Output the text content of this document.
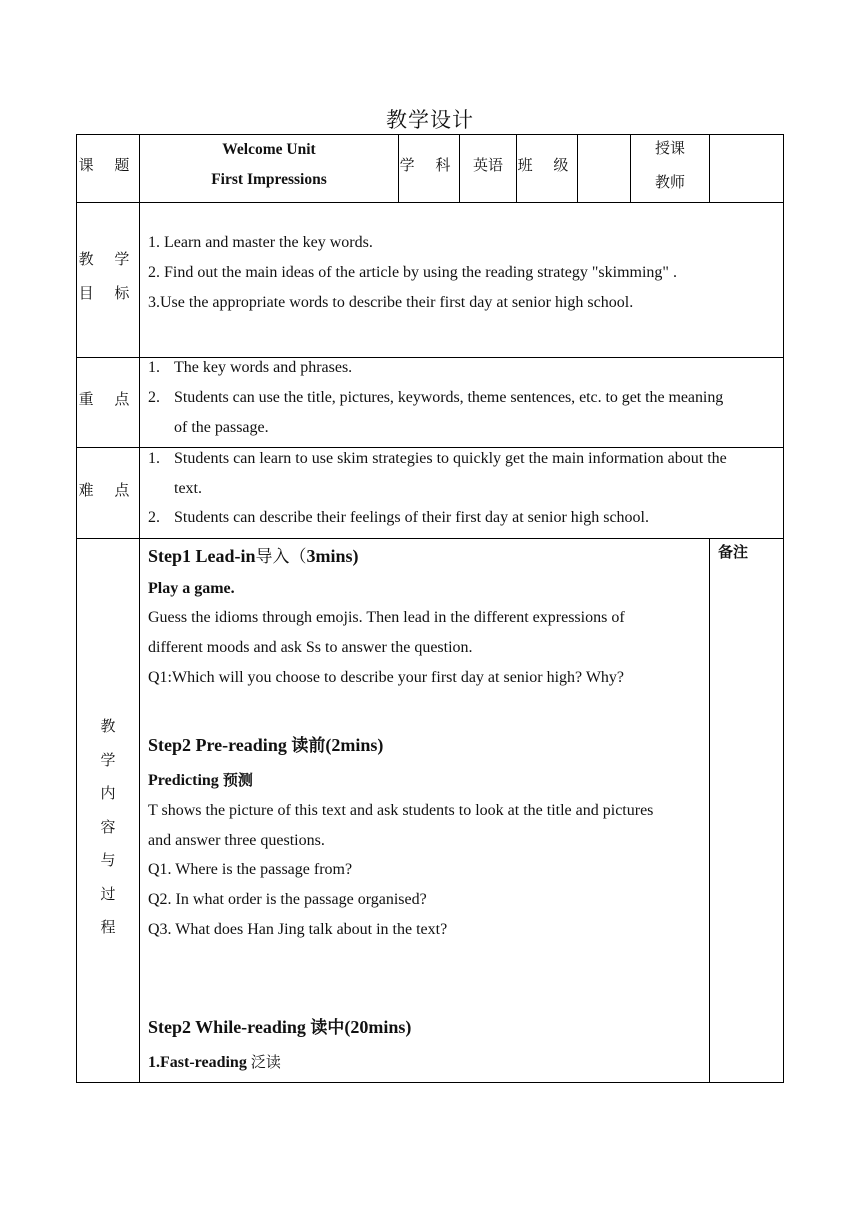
教学设计
课 题
Welcome Unit
First Impressions
学 科 英语 班 级
授课
教师
教 学
目 标
1. Learn and master the key words.
2. Find out the main ideas of the article by using the reading strategy "skimming" .
3.Use the appropriate words to describe their first day at senior high school.
重 点
1. The key words and phrases.
2. Students can use the title, pictures, keywords, theme sentences, etc. to get the meaning
of the passage.
难 点
1. Students can learn to use skim strategies to quickly get the main information about the
text.
2. Students can describe their feelings of their first day at senior high school.
教
学
内
容
与
过
程
备注
Step1 Lead-in导入（3mins)
Play a game.
Guess the idioms through emojis. Then lead in the different expressions of
different moods and ask Ss to answer the question.
Q1:Which will you choose to describe your first day at senior high? Why?
Step2 Pre-reading 读前(2mins)
Predicting 预测
T shows the picture of this text and ask students to look at the title and pictures
and answer three questions.
Q1. Where is the passage from?
Q2. In what order is the passage organised?
Q3. What does Han Jing talk about in the text?
Step2 While-reading 读中(20mins)
1.Fast-reading 泛读
